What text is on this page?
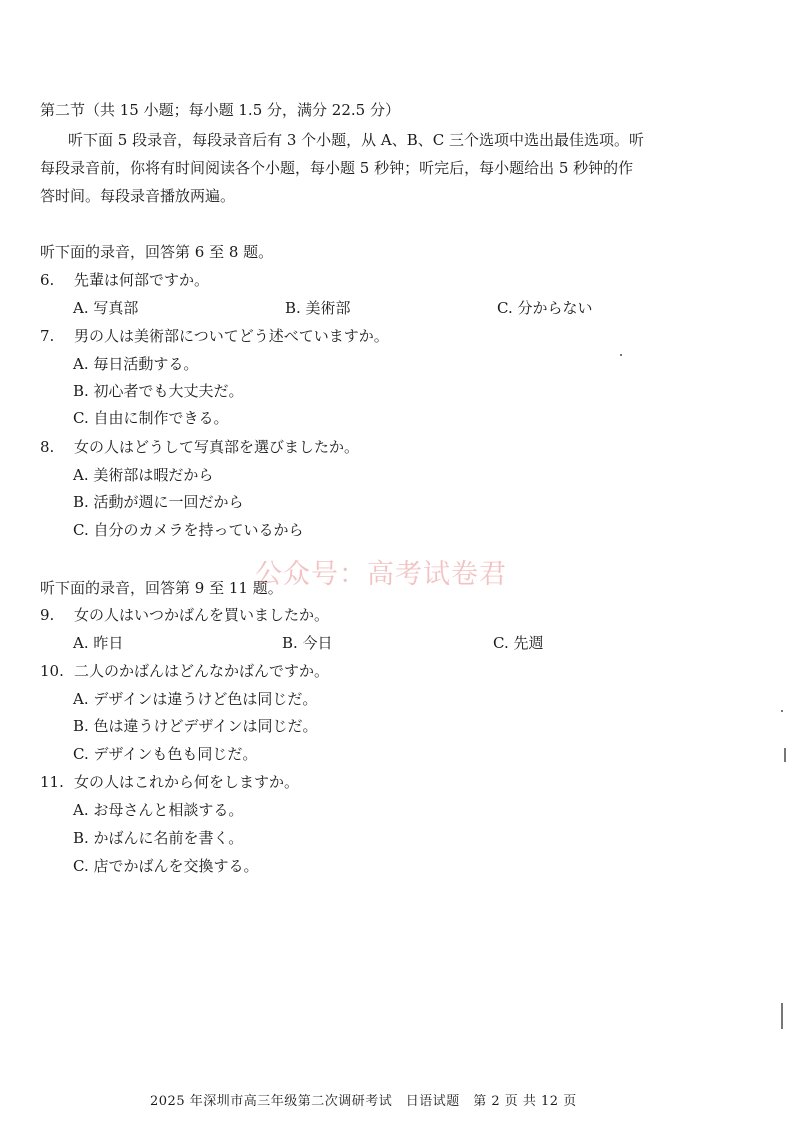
第二节（共 15 小题；每小题 1.5 分，满分 22.5 分）
听下面 5 段录音，每段录音后有 3 个小题，从 A、B、C 三个选项中选出最佳选项。听
每段录音前，你将有时间阅读各个小题，每小题 5 秒钟；听完后，每小题给出 5 秒钟的作
答时间。每段录音播放两遍。
听下面的录音，回答第 6 至 8 题。
6. 先輩は何部ですか。
A. 写真部	B. 美術部	C. 分からない
7. 男の人は美術部についてどう述べていますか。
A. 毎日活動する。
B. 初心者でも大丈夫だ。
C. 自由に制作できる。
8. 女の人はどうして写真部を選びましたか。
A. 美術部は暇だから
B. 活動が週に一回だから
C. 自分のカメラを持っているから
公众号：高考试卷君
听下面的录音，回答第 9 至 11 题。
9. 女の人はいつかばんを買いましたか。
A. 昨日	B. 今日	C. 先週
10. 二人のかばんはどんなかばんですか。
A. デザインは違うけど色は同じだ。
B. 色は違うけどデザインは同じだ。
C. デザインも色も同じだ。
11. 女の人はこれから何をしますか。
A. お母さんと相談する。
B. かばんに名前を書く。
C. 店でかばんを交換する。
2025 年深圳市高三年级第二次调研考试　日语试题　第 2 页 共 12 页
